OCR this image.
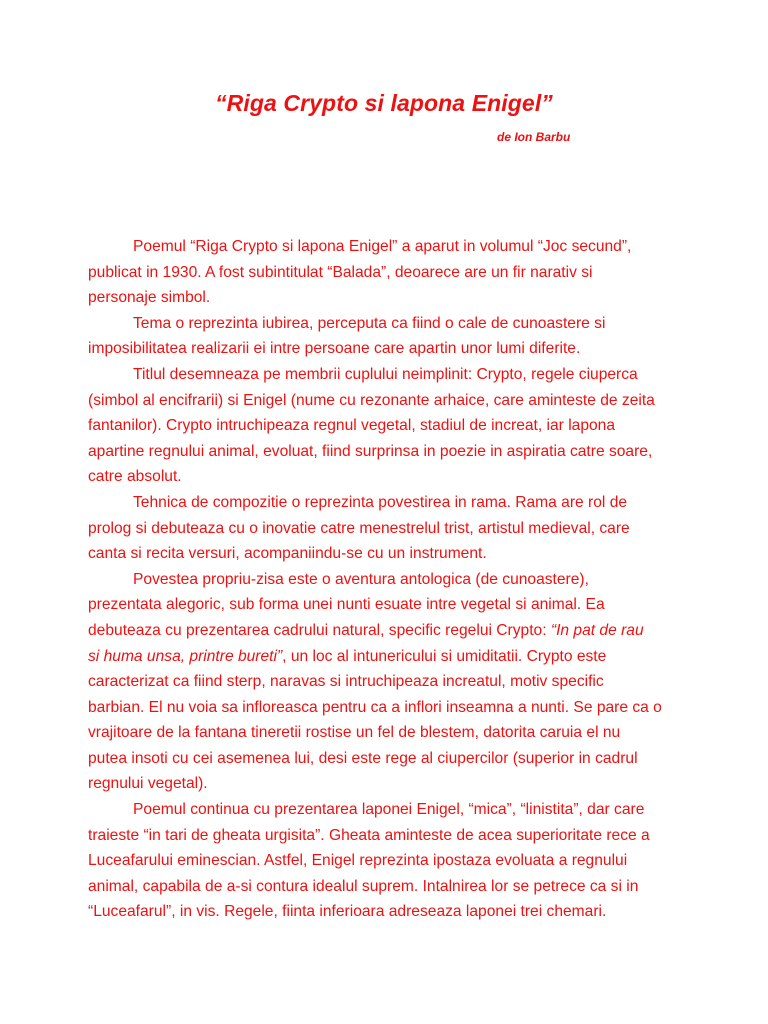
“Riga Crypto si lapona Enigel”
de Ion Barbu
Poemul “Riga Crypto si lapona Enigel” a aparut in volumul “Joc secund”,
publicat in 1930. A fost subintitulat “Balada”, deoarece are un fir narativ si
personaje simbol.
Tema o reprezinta iubirea, perceputa ca fiind o cale de cunoastere si
imposibilitatea realizarii ei intre persoane care apartin unor lumi diferite.
Titlul desemneaza pe membrii cuplului neimplinit: Crypto, regele ciuperca
(simbol al encifrarii) si Enigel (nume cu rezonante arhaice, care aminteste de zeita
fantanilor). Crypto intruchipeaza regnul vegetal, stadiul de increat, iar lapona
apartine regnului animal, evoluat, fiind surprinsa in poezie in aspiratia catre soare,
catre absolut.
Tehnica de compozitie o reprezinta povestirea in rama. Rama are rol de
prolog si debuteaza cu o inovatie catre menestrelul trist, artistul medieval, care
canta si recita versuri, acompaniindu-se cu un instrument.
Povestea propriu-zisa este o aventura antologica (de cunoastere),
prezentata alegoric, sub forma unei nunti esuate intre vegetal si animal. Ea
debuteaza cu prezentarea cadrului natural, specific regelui Crypto: “In pat de rau
si huma unsa, printre bureti”, un loc al intunericului si umiditatii. Crypto este
caracterizat ca fiind sterp, naravas si intruchipeaza increatul, motiv specific
barbian. El nu voia sa infloreasca pentru ca a inflori inseamna a nunti. Se pare ca o
vrajitoare de la fantana tineretii rostise un fel de blestem, datorita caruia el nu
putea insoti cu cei asemenea lui, desi este rege al ciupercilor (superior in cadrul
regnului vegetal).
Poemul continua cu prezentarea laponei Enigel, “mica”, “linistita”, dar care
traieste “in tari de gheata urgisita”. Gheata aminteste de acea superioritate rece a
Luceafarului eminescian. Astfel, Enigel reprezinta ipostaza evoluata a regnului
animal, capabila de a-si contura idealul suprem. Intalnirea lor se petrece ca si in
“Luceafarul”, in vis. Regele, fiinta inferioara adreseaza laponei trei chemari.
